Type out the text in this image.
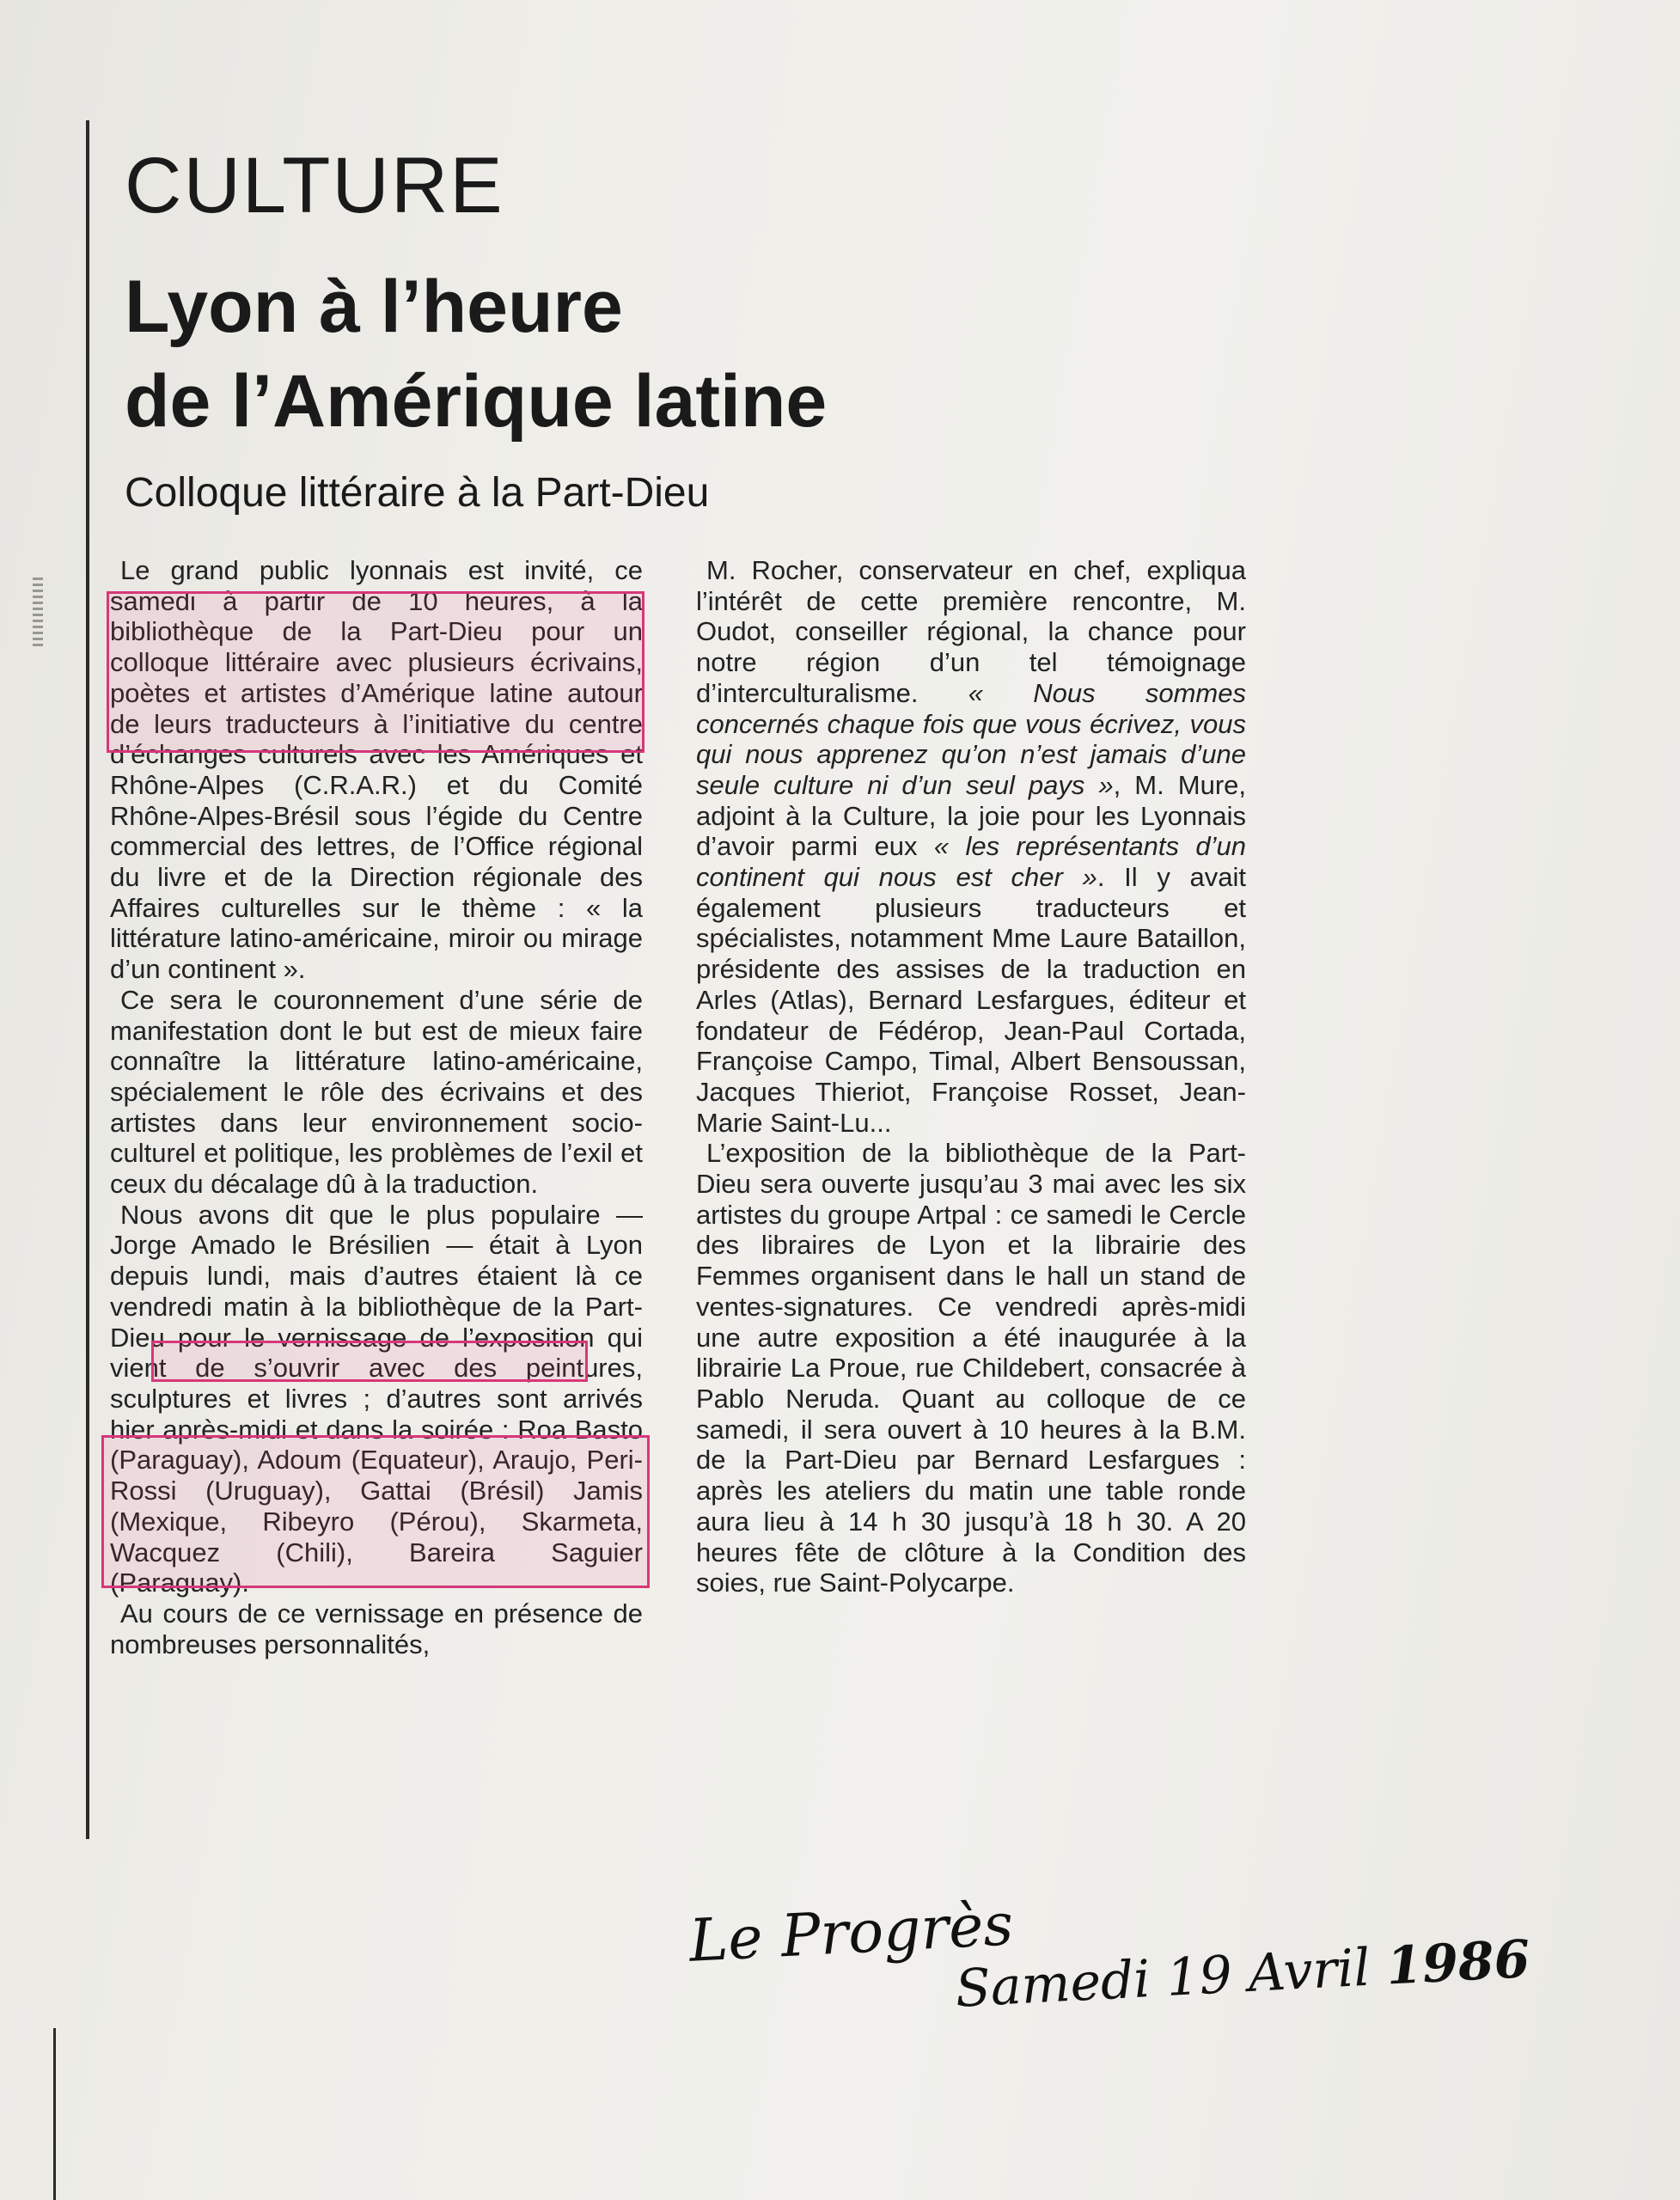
CULTURE
Lyon à l’heure
de l’Amérique latine
Colloque littéraire à la Part-Dieu

Le grand public lyonnais est invité, ce samedi à partir de 10 heures, à la bibliothèque de la Part-Dieu pour un colloque littéraire avec plusieurs écrivains, poètes et artistes d’Amérique latine autour de leurs traducteurs à l’initiative du centre d’échanges culturels avec les Amériques et Rhône-Alpes (C.R.A.R.) et du Comité Rhône-Alpes-Brésil sous l’égide du Centre commercial des lettres, de l’Office régional du livre et de la Direction régionale des Affaires culturelles sur le thème : « la littérature latino-américaine, miroir ou mirage d’un continent ».

Ce sera le couronnement d’une série de manifestation dont le but est de mieux faire connaître la littérature latino-américaine, spécialement le rôle des écrivains et des artistes dans leur environnement socio-culturel et politique, les problèmes de l’exil et ceux du décalage dû à la traduction.

Nous avons dit que le plus populaire — Jorge Amado le Brésilien — était à Lyon depuis lundi, mais d’autres étaient là ce vendredi matin à la bibliothèque de la Part-Dieu pour le vernissage de l’exposition qui vient de s’ouvrir avec des peintures, sculptures et livres ; d’autres sont arrivés hier après-midi et dans la soirée : Roa Basto (Paraguay), Adoum (Equateur), Araujo, Peri-Rossi (Uruguay), Gattai (Brésil) Jamis (Mexique, Ribeyro (Pérou), Skarmeta, Wacquez (Chili), Bareira Saguier (Paraguay).

Au cours de ce vernissage en présence de nombreuses personnalités,

M. Rocher, conservateur en chef, expliqua l’intérêt de cette première rencontre, M. Oudot, conseiller régional, la chance pour notre région d’un tel témoignage d’interculturalisme. « Nous sommes concernés chaque fois que vous écrivez, vous qui nous apprenez qu’on n’est jamais d’une seule culture ni d’un seul pays », M. Mure, adjoint à la Culture, la joie pour les Lyonnais d’avoir parmi eux « les représentants d’un continent qui nous est cher ». Il y avait également plusieurs traducteurs et spécialistes, notamment Mme Laure Bataillon, présidente des assises de la traduction en Arles (Atlas), Bernard Lesfargues, éditeur et fondateur de Fédérop, Jean-Paul Cortada, Françoise Campo, Timal, Albert Bensoussan, Jacques Thieriot, Françoise Rosset, Jean-Marie Saint-Lu...

L’exposition de la bibliothèque de la Part-Dieu sera ouverte jusqu’au 3 mai avec les six artistes du groupe Artpal : ce samedi le Cercle des libraires de Lyon et la librairie des Femmes organisent dans le hall un stand de ventes-signatures. Ce vendredi après-midi une autre exposition a été inaugurée à la librairie La Proue, rue Childebert, consacrée à Pablo Neruda. Quant au colloque de ce samedi, il sera ouvert à 10 heures à la B.M. de la Part-Dieu par Bernard Lesfargues : après les ateliers du matin une table ronde aura lieu à 14 h 30 jusqu’à 18 h 30. A 20 heures fête de clôture à la Condition des soies, rue Saint-Polycarpe.

Le Progrès
Samedi 19 Avril 1986
